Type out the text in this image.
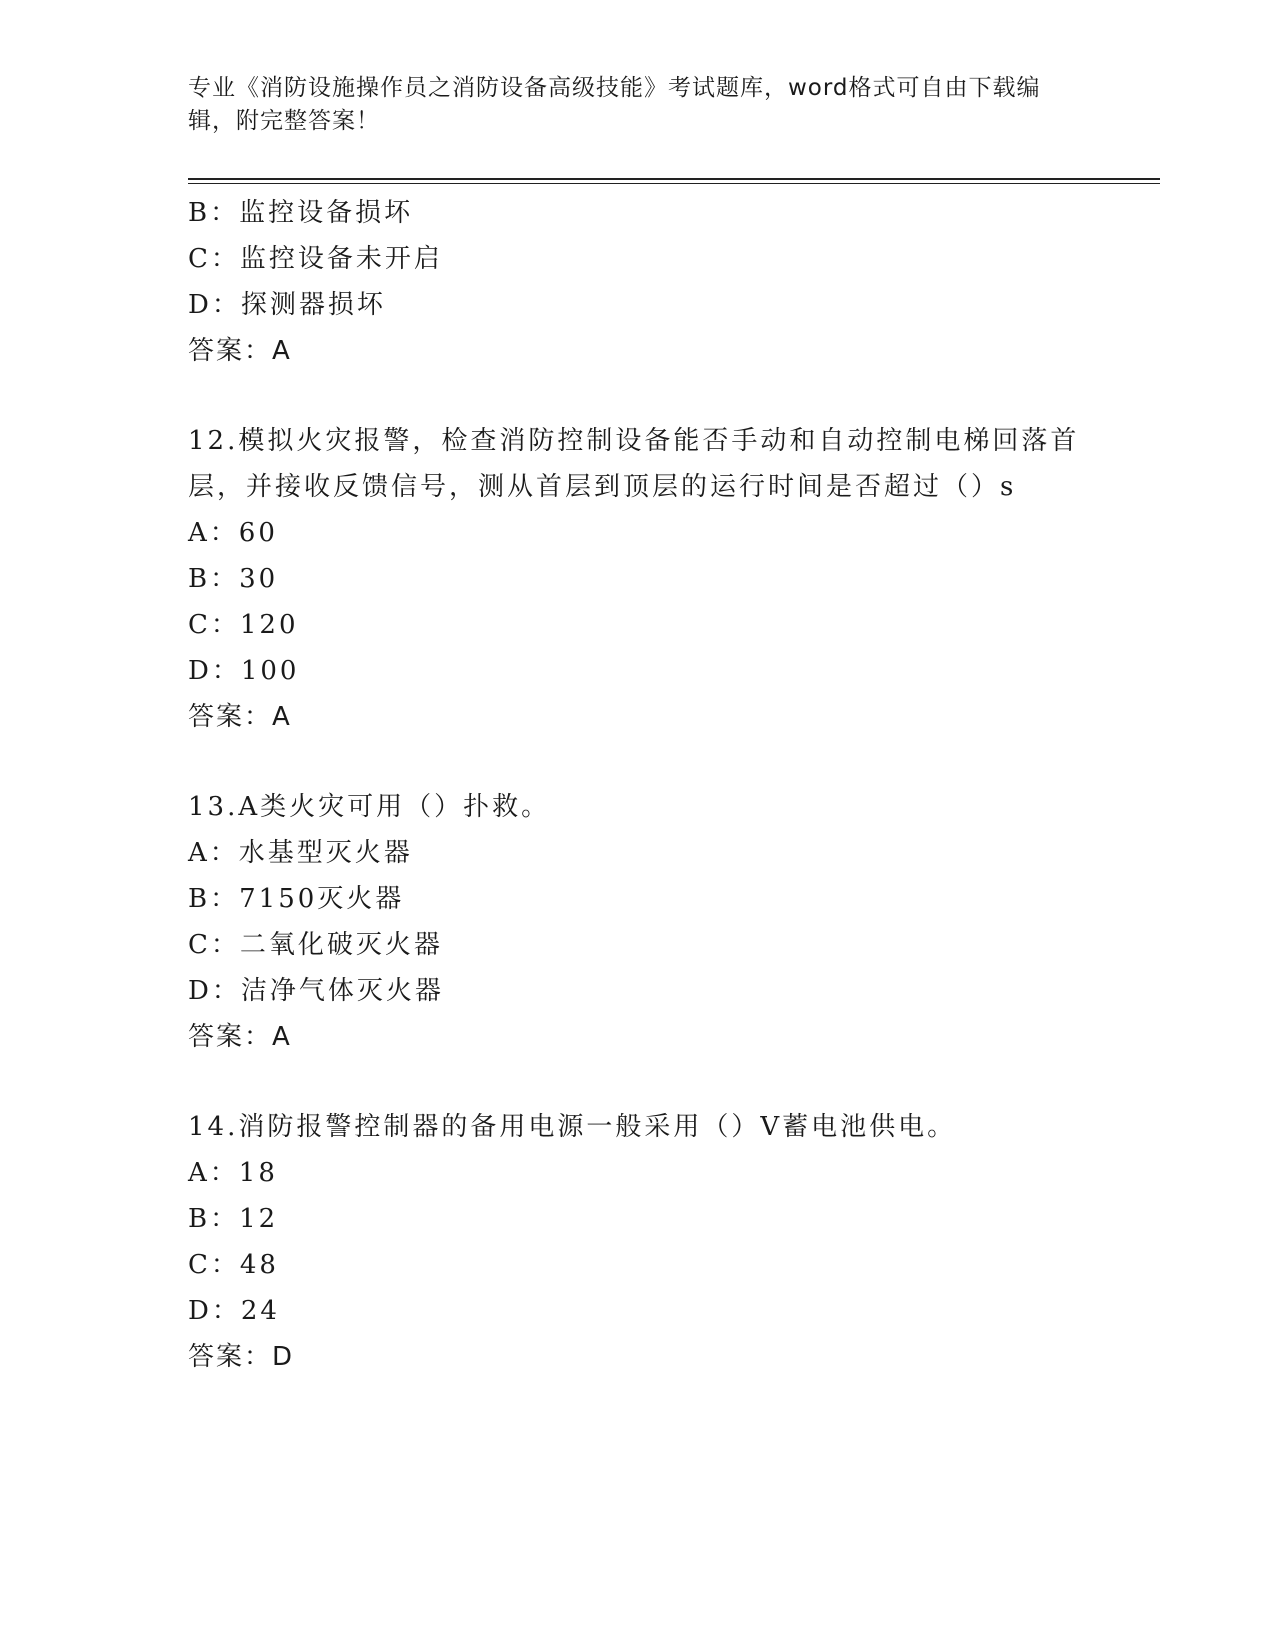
专业《消防设施操作员之消防设备高级技能》考试题库，word格式可自由下载编
辑，附完整答案！
B：监控设备损坏
C：监控设备未开启
D：探测器损坏
答案：A
12.模拟火灾报警，检查消防控制设备能否手动和自动控制电梯回落首
层，并接收反馈信号，测从首层到顶层的运行时间是否超过（）s
A：60
B：30
C：120
D：100
答案：A
13.A类火灾可用（）扑救。
A：水基型灭火器
B：7150灭火器
C：二氧化破灭火器
D：洁净气体灭火器
答案：A
14.消防报警控制器的备用电源一般采用（）V蓄电池供电。
A：18
B：12
C：48
D：24
答案：D
